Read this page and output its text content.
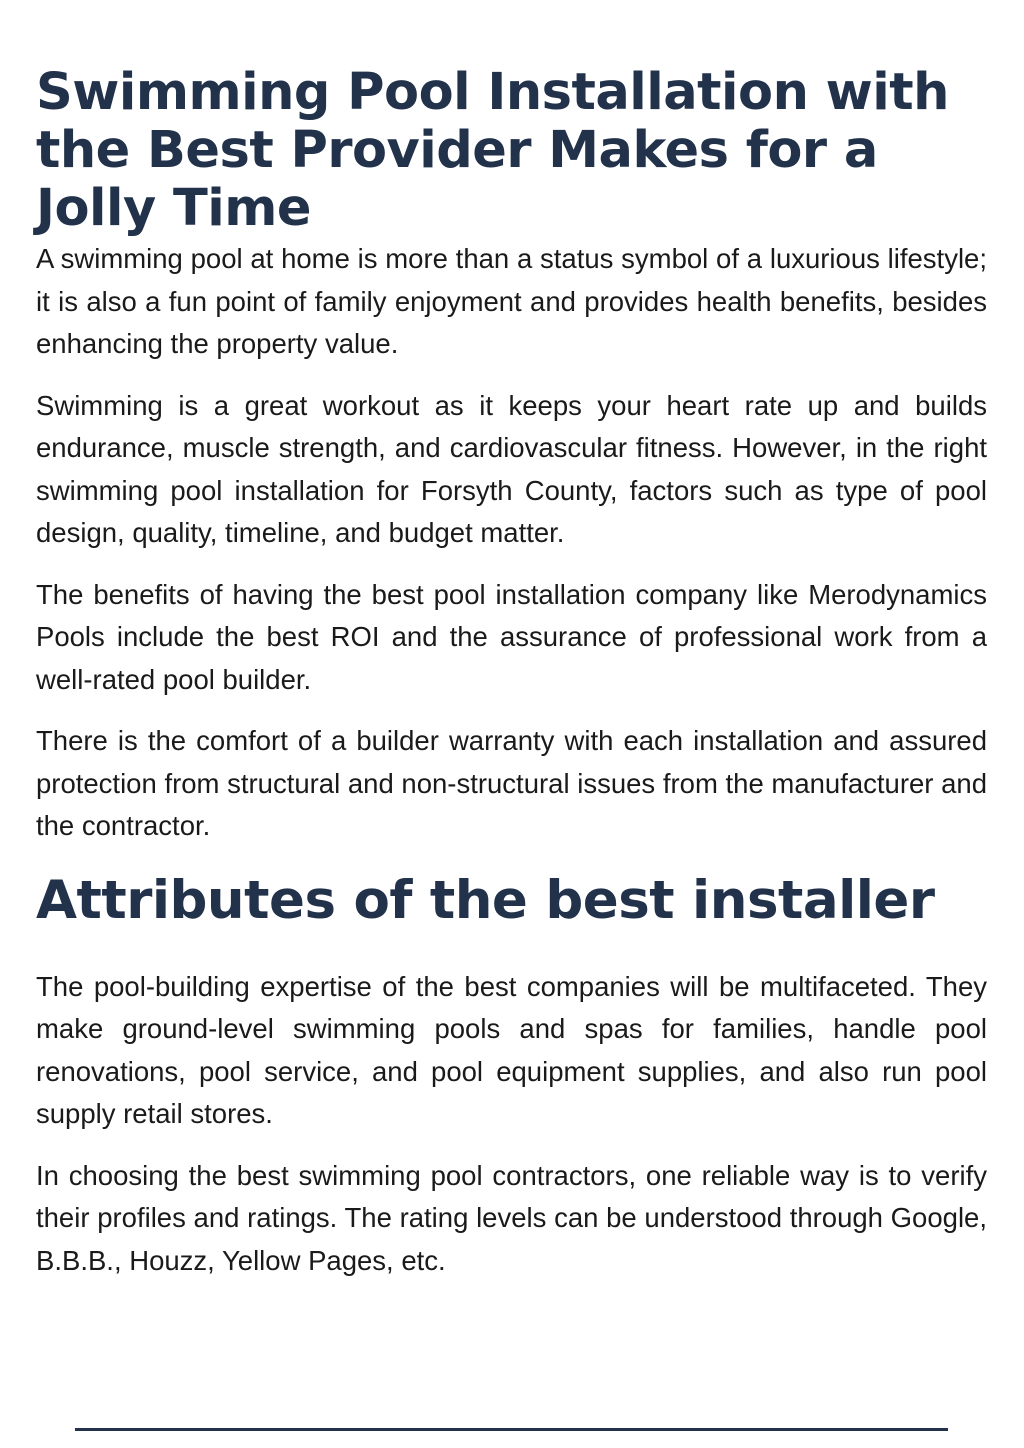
Swimming Pool Installation with the Best Provider Makes for a Jolly Time

A swimming pool at home is more than a status symbol of a luxurious lifestyle; it is also a fun point of family enjoyment and provides health benefits, besides enhancing the property value.

Swimming is a great workout as it keeps your heart rate up and builds endurance, muscle strength, and cardiovascular fitness. However, in the right swimming pool installation for Forsyth County, factors such as type of pool design, quality, timeline, and budget matter.

The benefits of having the best pool installation company like Merodynamics Pools include the best ROI and the assurance of professional work from a well-rated pool builder.

There is the comfort of a builder warranty with each installation and assured protection from structural and non-structural issues from the manufacturer and the contractor.

Attributes of the best installer

The pool-building expertise of the best companies will be multifaceted. They make ground-level swimming pools and spas for families, handle pool renovations, pool service, and pool equipment supplies, and also run pool supply retail stores.

In choosing the best swimming pool contractors, one reliable way is to verify their profiles and ratings. The rating levels can be understood through Google, B.B.B., Houzz, Yellow Pages, etc.
